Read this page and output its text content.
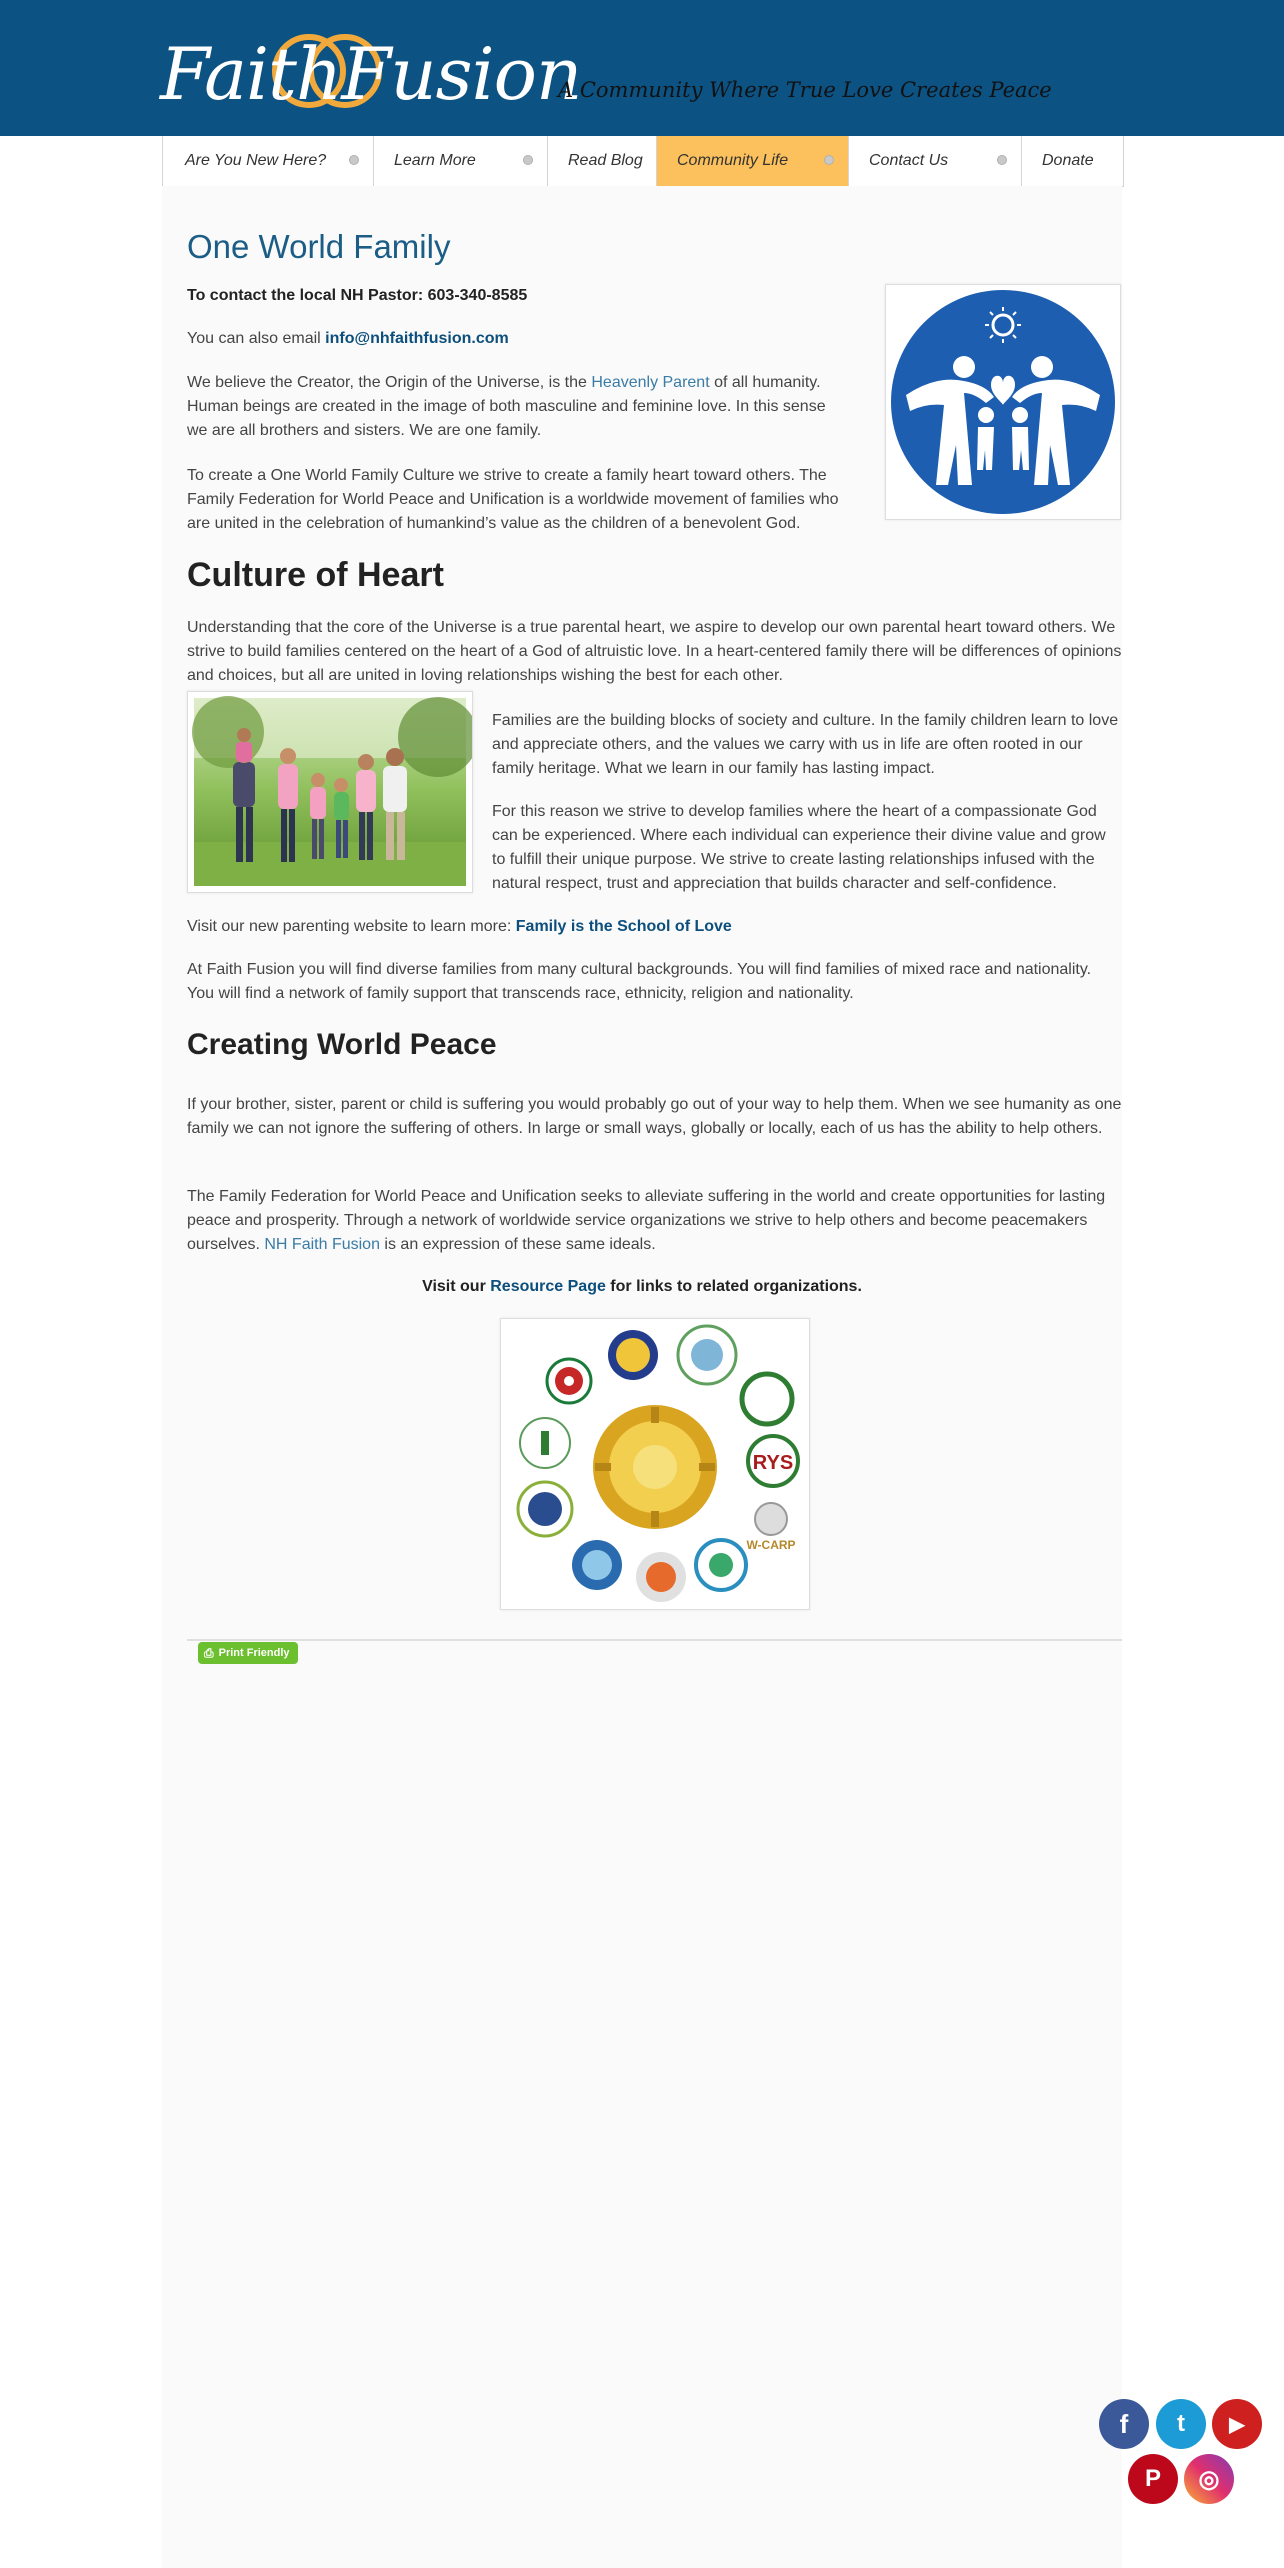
FaithFusion
A Community Where True Love Creates Peace
Are You New Here?	Learn More	Read Blog Community Life	Contact Us	Donate
One World Family
To contact the local NH Pastor: 603-340-8585
You can also email info@nhfaithfusion.com
We believe the Creator, the Origin of the Universe, is the Heavenly Parent of all humanity. Human beings are created in the image of both masculine and feminine love. In this sense we are all brothers and sisters. We are one family.
To create a One World Family Culture we strive to create a family heart toward others. The Family Federation for World Peace and Unification is a worldwide movement of families who are united in the celebration of humankind’s value as the children of a benevolent God.
Culture of Heart
Understanding that the core of the Universe is a true parental heart, we aspire to develop our own parental heart toward others. We strive to build families centered on the heart of a God of altruistic love. In a heart-centered family there will be differences of opinions and choices, but all are united in loving relationships wishing the best for each other.
Families are the building blocks of society and culture. In the family children learn to love and appreciate others, and the values we carry with us in life are often rooted in our family heritage. What we learn in our family has lasting impact.
For this reason we strive to develop families where the heart of a compassionate God can be experienced. Where each individual can experience their divine value and grow to fulfill their unique purpose. We strive to create lasting relationships infused with the natural respect, trust and appreciation that builds character and self-confidence.
Visit our new parenting website to learn more: Family is the School of Love
At Faith Fusion you will find diverse families from many cultural backgrounds. You will find families of mixed race and nationality. You will find a network of family support that transcends race, ethnicity, religion and nationality.
Creating World Peace
If your brother, sister, parent or child is suffering you would probably go out of your way to help them. When we see humanity as one family we can not ignore the suffering of others. In large or small ways, globally or locally, each of us has the ability to help others.
The Family Federation for World Peace and Unification seeks to alleviate suffering in the world and create opportunities for lasting peace and prosperity. Through a network of worldwide service organizations we strive to help others and become peacemakers ourselves. NH Faith Fusion is an expression of these same ideals.
Visit our Resource Page for links to related organizations.
RYS
W-CARP
⎙ Print Friendly
f t ▶
P ◎
